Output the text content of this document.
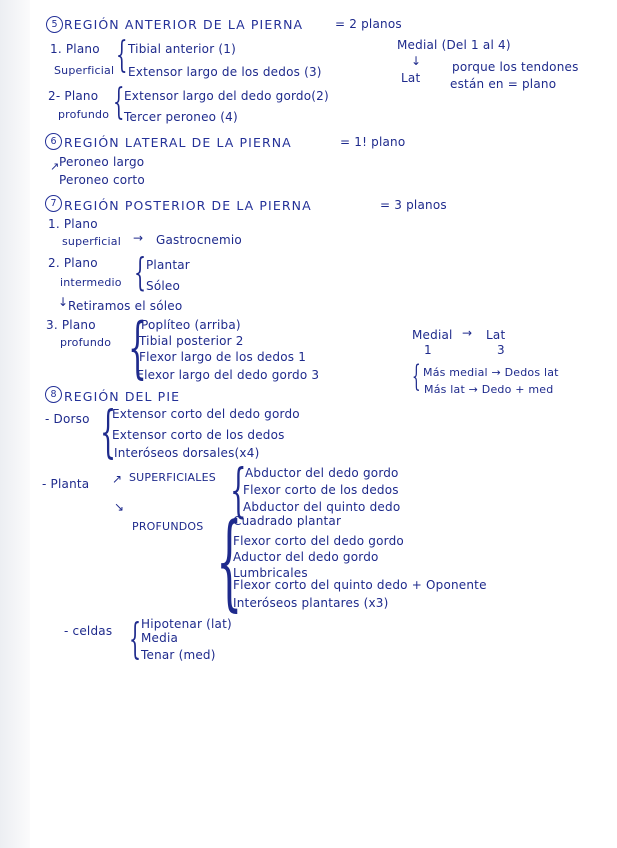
5 REGIÓN ANTERIOR DE LA PIERNA	= 2 planos
1. Plano
Superficial { Tibial anterior (1)
Extensor largo de los dedos (3)
2- Plano
profundo { Extensor largo del dedo gordo(2)
Tercer peroneo (4)
Medial (Del 1 al 4)
↓
Lat
porque los tendones
están en = plano
6 REGIÓN LATERAL DE LA PIERNA	= 1! plano
↗ Peroneo largo
Peroneo corto
7 REGIÓN POSTERIOR DE LA PIERNA	= 3 planos
1. Plano
superficial → Gastrocnemio
2. Plano
intermedio { Plantar
Sóleo
↓ Retiramos el sóleo
3. Plano
profundo {
Poplíteo (arriba)
Tibial posterior 2
Flexor largo de los dedos 1
Flexor largo del dedo gordo 3
Medial → Lat
1	3
{ Más medial → Dedos lat
Más lat → Dedo + med
8 REGIÓN DEL PIE
- Dorso {
Extensor corto del dedo gordo
Extensor corto de los dedos
Interóseos dorsales(x4)
- Planta ↗ SUPERFICIALES {
Abductor del dedo gordo
Flexor corto de los dedos
Abductor del quinto dedo
↘
PROFUNDOS {
Cuadrado plantar
Flexor corto del dedo gordo
Aductor del dedo gordo
Lumbricales
Flexor corto del quinto dedo + Oponente
Interóseos plantares (x3)
- celdas { Hipotenar (lat)
Media
Tenar (med)
